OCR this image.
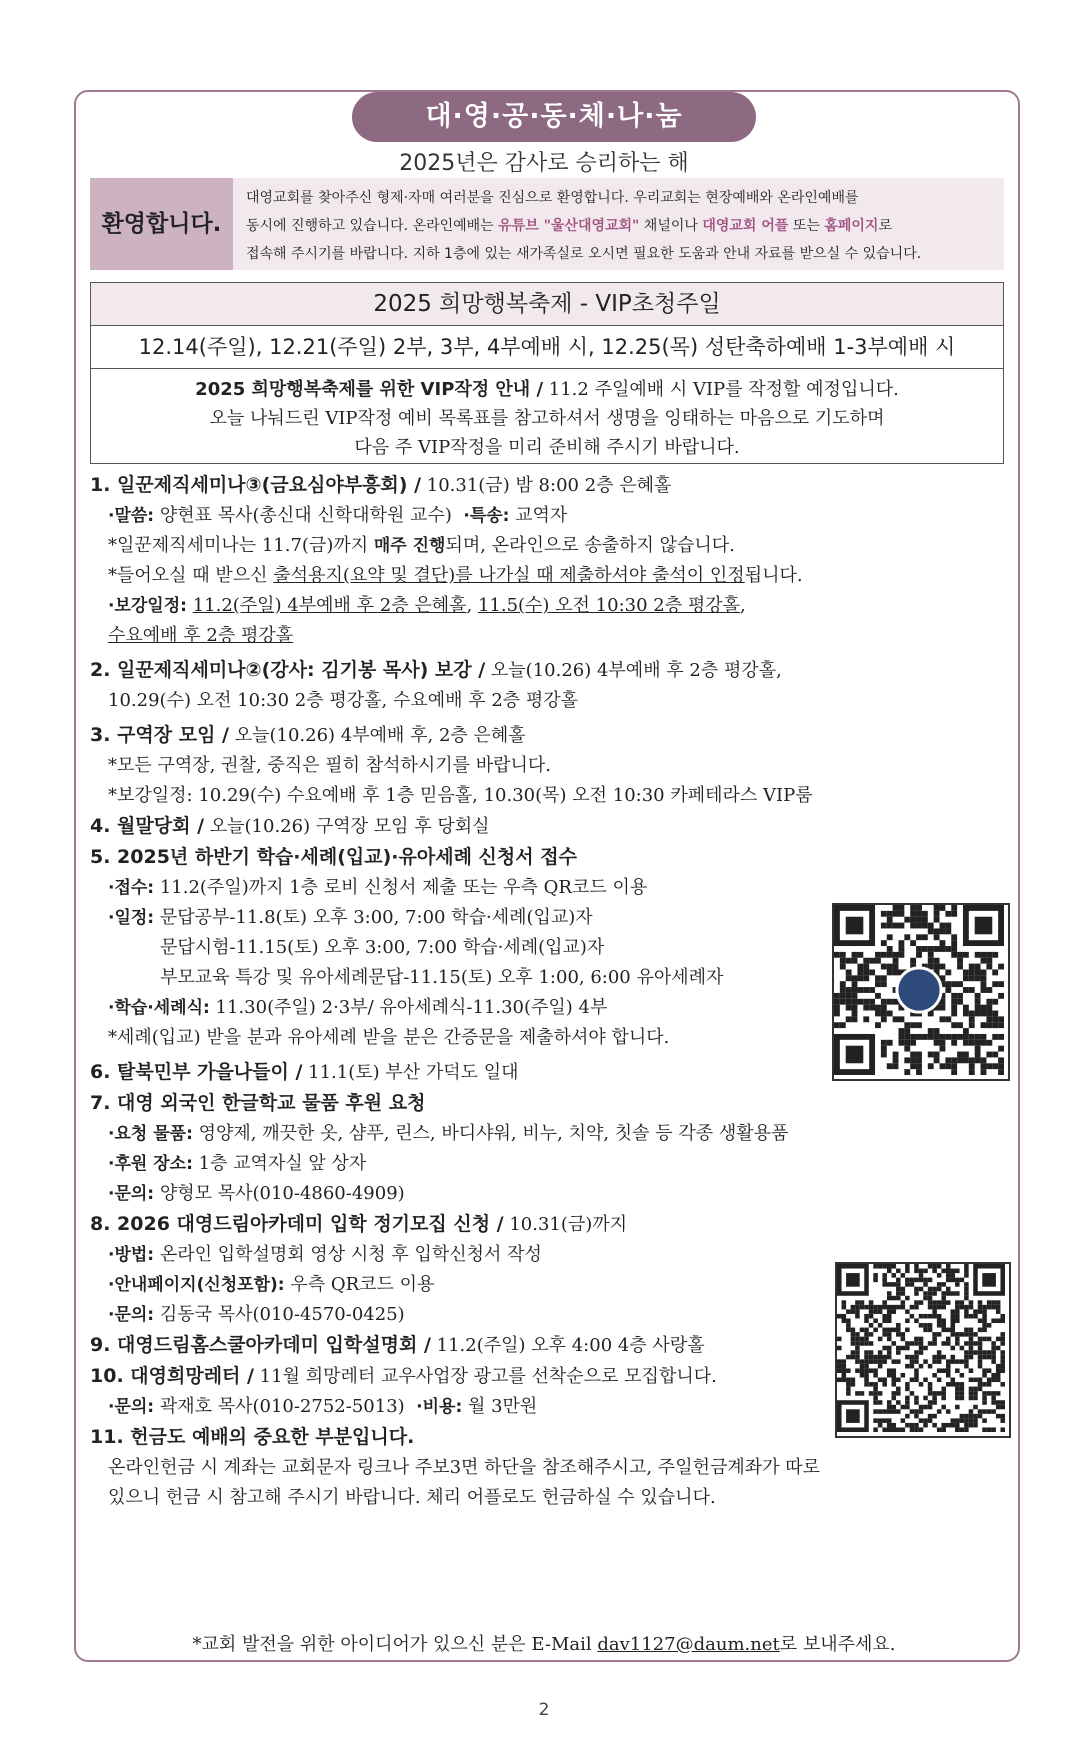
대·영·공·동·체·나·눔
2025년은 감사로 승리하는 해
환영합니다.
대영교회를 찾아주신 형제·자매 여러분을 진심으로 환영합니다. 우리교회는 현장예배와 온라인예배를
동시에 진행하고 있습니다. 온라인예배는 유튜브 "울산대영교회" 채널이나 대영교회 어플 또는 홈페이지로
접속해 주시기를 바랍니다. 지하 1층에 있는 새가족실로 오시면 필요한 도움과 안내 자료를 받으실 수 있습니다.
2025 희망행복축제 - VIP초청주일
12.14(주일), 12.21(주일) 2부, 3부, 4부예배 시, 12.25(목) 성탄축하예배 1-3부예배 시
2025 희망행복축제를 위한 VIP작정 안내 / 11.2 주일예배 시 VIP를 작정할 예정입니다.
오늘 나눠드린 VIP작정 예비 목록표를 참고하셔서 생명을 잉태하는 마음으로 기도하며
다음 주 VIP작정을 미리 준비해 주시기 바랍니다.
1. 일꾼제직세미나③(금요심야부흥회) / 10.31(금) 밤 8:00 2층 은혜홀
·말씀: 양현표 목사(총신대 신학대학원 교수) ·특송: 교역자
*일꾼제직세미나는 11.7(금)까지 매주 진행되며, 온라인으로 송출하지 않습니다.
*들어오실 때 받으신 출석용지(요약 및 결단)를 나가실 때 제출하셔야 출석이 인정됩니다.
·보강일정: 11.2(주일) 4부예배 후 2층 은혜홀, 11.5(수) 오전 10:30 2층 평강홀,
수요예배 후 2층 평강홀
2. 일꾼제직세미나②(강사: 김기봉 목사) 보강 / 오늘(10.26) 4부예배 후 2층 평강홀,
10.29(수) 오전 10:30 2층 평강홀, 수요예배 후 2층 평강홀
3. 구역장 모임 / 오늘(10.26) 4부예배 후, 2층 은혜홀
*모든 구역장, 권찰, 중직은 필히 참석하시기를 바랍니다.
*보강일정: 10.29(수) 수요예배 후 1층 믿음홀, 10.30(목) 오전 10:30 카페테라스 VIP룸
4. 월말당회 / 오늘(10.26) 구역장 모임 후 당회실
5. 2025년 하반기 학습·세례(입교)·유아세례 신청서 접수
·접수: 11.2(주일)까지 1층 로비 신청서 제출 또는 우측 QR코드 이용
·일정: 문답공부-11.8(토) 오후 3:00, 7:00 학습·세례(입교)자
문답시험-11.15(토) 오후 3:00, 7:00 학습·세례(입교)자
부모교육 특강 및 유아세례문답-11.15(토) 오후 1:00, 6:00 유아세례자
·학습·세례식: 11.30(주일) 2·3부/ 유아세례식-11.30(주일) 4부
*세례(입교) 받을 분과 유아세례 받을 분은 간증문을 제출하셔야 합니다.
6. 탈북민부 가을나들이 / 11.1(토) 부산 가덕도 일대
7. 대영 외국인 한글학교 물품 후원 요청
·요청 물품: 영양제, 깨끗한 옷, 샴푸, 린스, 바디샤워, 비누, 치약, 칫솔 등 각종 생활용품
·후원 장소: 1층 교역자실 앞 상자
·문의: 양형모 목사(010-4860-4909)
8. 2026 대영드림아카데미 입학 정기모집 신청 / 10.31(금)까지
·방법: 온라인 입학설명회 영상 시청 후 입학신청서 작성
·안내페이지(신청포함): 우측 QR코드 이용
·문의: 김동국 목사(010-4570-0425)
9. 대영드림홈스쿨아카데미 입학설명회 / 11.2(주일) 오후 4:00 4층 사랑홀
10. 대영희망레터 / 11월 희망레터 교우사업장 광고를 선착순으로 모집합니다.
·문의: 곽재호 목사(010-2752-5013) ·비용: 월 3만원
11. 헌금도 예배의 중요한 부분입니다.
온라인헌금 시 계좌는 교회문자 링크나 주보3면 하단을 참조해주시고, 주일헌금계좌가 따로
있으니 헌금 시 참고해 주시기 바랍니다. 체리 어플로도 헌금하실 수 있습니다.
*교회 발전을 위한 아이디어가 있으신 분은 E-Mail dav1127@daum.net로 보내주세요.
2
